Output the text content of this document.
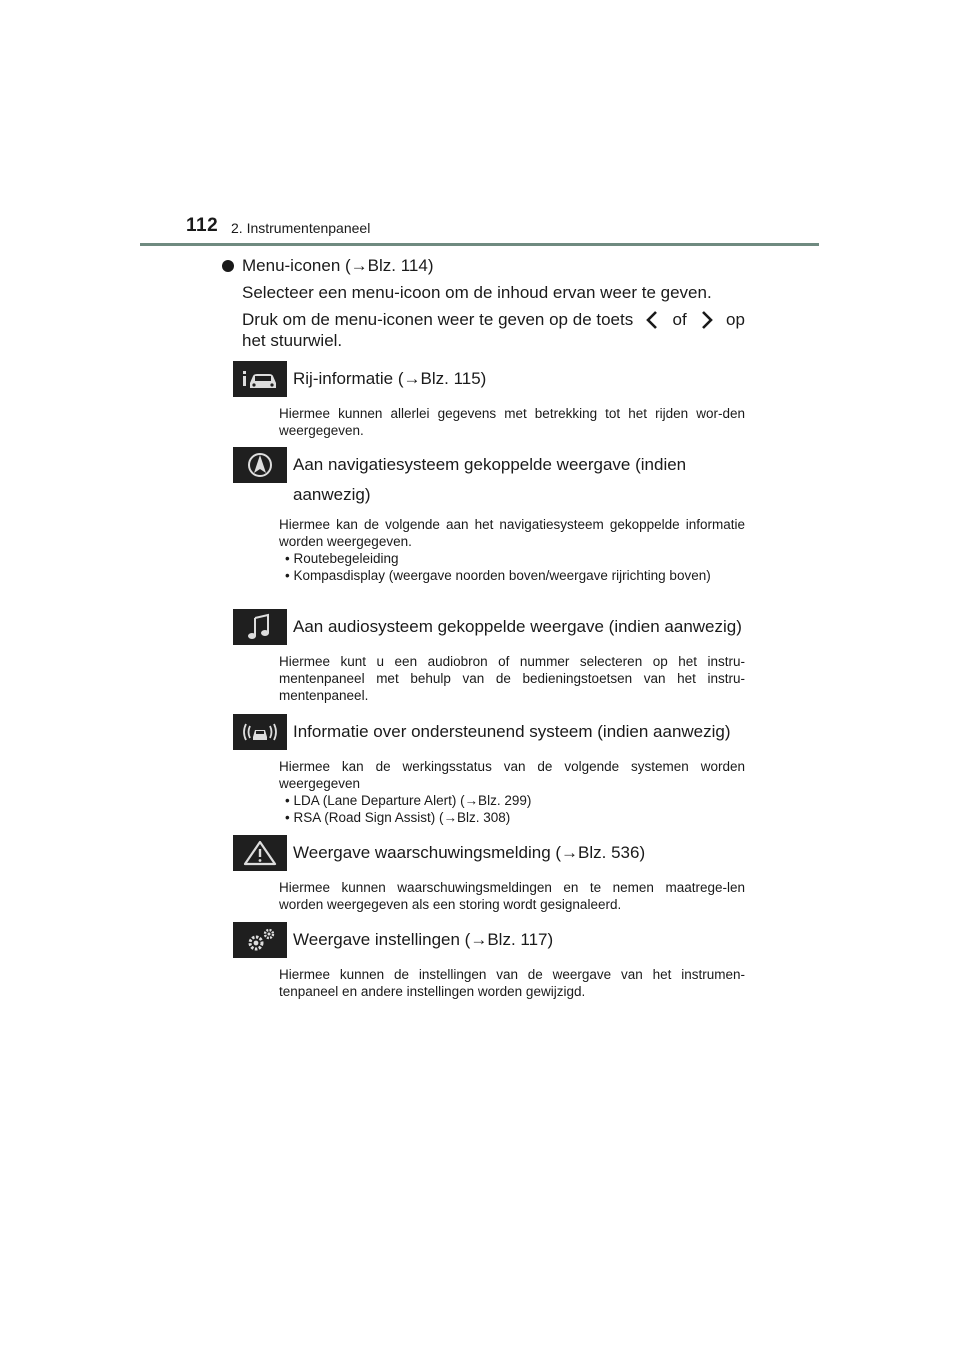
112 2. Instrumentenpaneel
Menu-iconen (→Blz. 114)
Selecteer een menu-icoon om de inhoud ervan weer te geven.
Druk om de menu-iconen weer te geven op de toets of op
het stuurwiel.
Rij-informatie (→Blz. 115)
Hiermee kunnen allerlei gegevens met betrekking tot het rijden wor-den weergegeven.
Aan navigatiesysteem gekoppelde weergave (indien
aanwezig)
Hiermee kan de volgende aan het navigatiesysteem gekoppelde informatie worden weergegeven.
• Routebegeleiding
• Kompasdisplay (weergave noorden boven/weergave rijrichting boven)
Aan audiosysteem gekoppelde weergave (indien aanwezig)
Hiermee kunt u een audiobron of nummer selecteren op het instru-mentenpaneel met behulp van de bedieningstoetsen van het instru-mentenpaneel.
Informatie over ondersteunend systeem (indien aanwezig)
Hiermee kan de werkingsstatus van de volgende systemen worden weergegeven
• LDA (Lane Departure Alert) (→Blz. 299)
• RSA (Road Sign Assist) (→Blz. 308)
Weergave waarschuwingsmelding (→Blz. 536)
Hiermee kunnen waarschuwingsmeldingen en te nemen maatrege-len worden weergegeven als een storing wordt gesignaleerd.
Weergave instellingen (→Blz. 117)
Hiermee kunnen de instellingen van de weergave van het instrumen-tenpaneel en andere instellingen worden gewijzigd.
